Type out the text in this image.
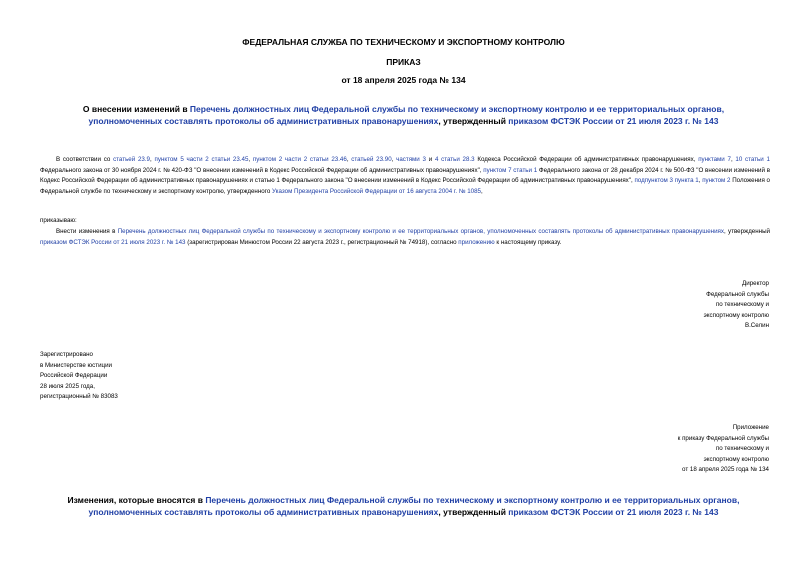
ФЕДЕРАЛЬНАЯ СЛУЖБА ПО ТЕХНИЧЕСКОМУ И ЭКСПОРТНОМУ КОНТРОЛЮ
ПРИКАЗ
от 18 апреля 2025 года № 134
О внесении изменений в Перечень должностных лиц Федеральной службы по техническому и экспортному контролю и ее территориальных органов, уполномоченных составлять протоколы об административных правонарушениях, утвержденный приказом ФСТЭК России от 21 июля 2023 г. № 143
В соответствии со статьей 23.9, пунктом 5 части 2 статьи 23.45, пунктом 2 части 2 статьи 23.46, статьей 23.90, частями 3 и 4 статьи 28.3 Кодекса Российской Федерации об административных правонарушениях, пунктами 7, 10 статьи 1 Федерального закона от 30 ноября 2024 г. № 420-ФЗ "О внесении изменений в Кодекс Российской Федерации об административных правонарушениях", пунктом 7 статьи 1 Федерального закона от 28 декабря 2024 г. № 500-ФЗ "О внесении изменений в Кодекс Российской Федерации об административных правонарушениях и статью 1 Федерального закона "О внесении изменений в Кодекс Российской Федерации об административных правонарушениях", подпунктом 3 пункта 1, пунктом 2 Положения о Федеральной службе по техническому и экспортному контролю, утвержденного Указом Президента Российской Федерации от 16 августа 2004 г. № 1085,
приказываю:
Внести изменения в Перечень должностных лиц Федеральной службы по техническому и экспортному контролю и ее территориальных органов, уполномоченных составлять протоколы об административных правонарушениях, утвержденный приказом ФСТЭК России от 21 июля 2023 г. № 143 (зарегистрирован Минюстом России 22 августа 2023 г., регистрационный № 74918), согласно приложению к настоящему приказу.
Директор
Федеральной службы
по техническому и
экспортному контролю
В.Селин
Зарегистрировано
в Министерстве юстиции
Российской Федерации
28 июля 2025 года,
регистрационный № 83083
Приложение
к приказу Федеральной службы
по техническому и
экспортному контролю
от 18 апреля 2025 года № 134
Изменения, которые вносятся в Перечень должностных лиц Федеральной службы по техническому и экспортному контролю и ее территориальных органов, уполномоченных составлять протоколы об административных правонарушениях, утвержденный приказом ФСТЭК России от 21 июля 2023 г. № 143
